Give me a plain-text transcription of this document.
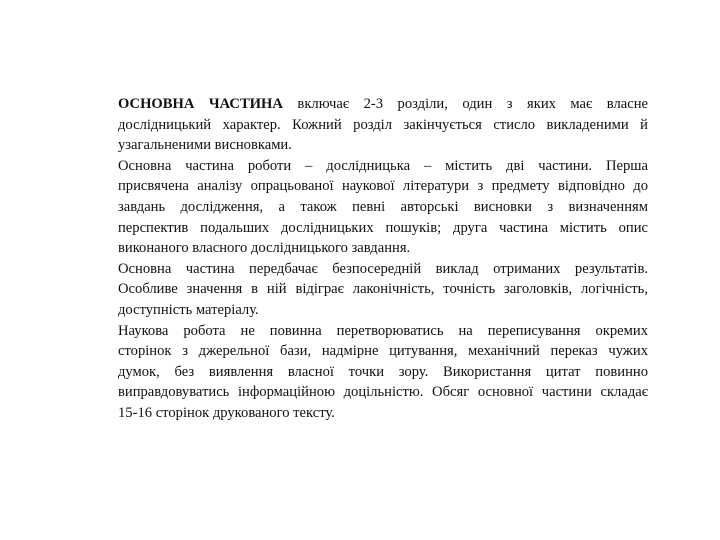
ОСНОВНА ЧАСТИНА включає 2-3 розділи, один з яких має власне
дослідницький характер. Кожний розділ закінчується стисло викладеними й
узагальненими висновками.
Основна частина роботи – дослідницька – містить дві частини. Перша
присвячена аналізу опрацьованої наукової літератури з предмету відповідно до
завдань дослідження, а також певні авторські висновки з визначенням
перспектив подальших дослідницьких пошуків; друга частина містить опис
виконаного власного дослідницького завдання.
Основна частина передбачає безпосередній виклад отриманих результатів.
Особливе значення в ній відіграє лаконічність, точність заголовків, логічність,
доступність матеріалу.
Наукова робота не повинна перетворюватись на переписування окремих
сторінок з джерельної бази, надмірне цитування, механічний переказ чужих
думок, без виявлення власної точки зору. Використання цитат повинно
виправдовуватись інформаційною доцільністю. Обсяг основної частини складає
15-16 сторінок друкованого тексту.
